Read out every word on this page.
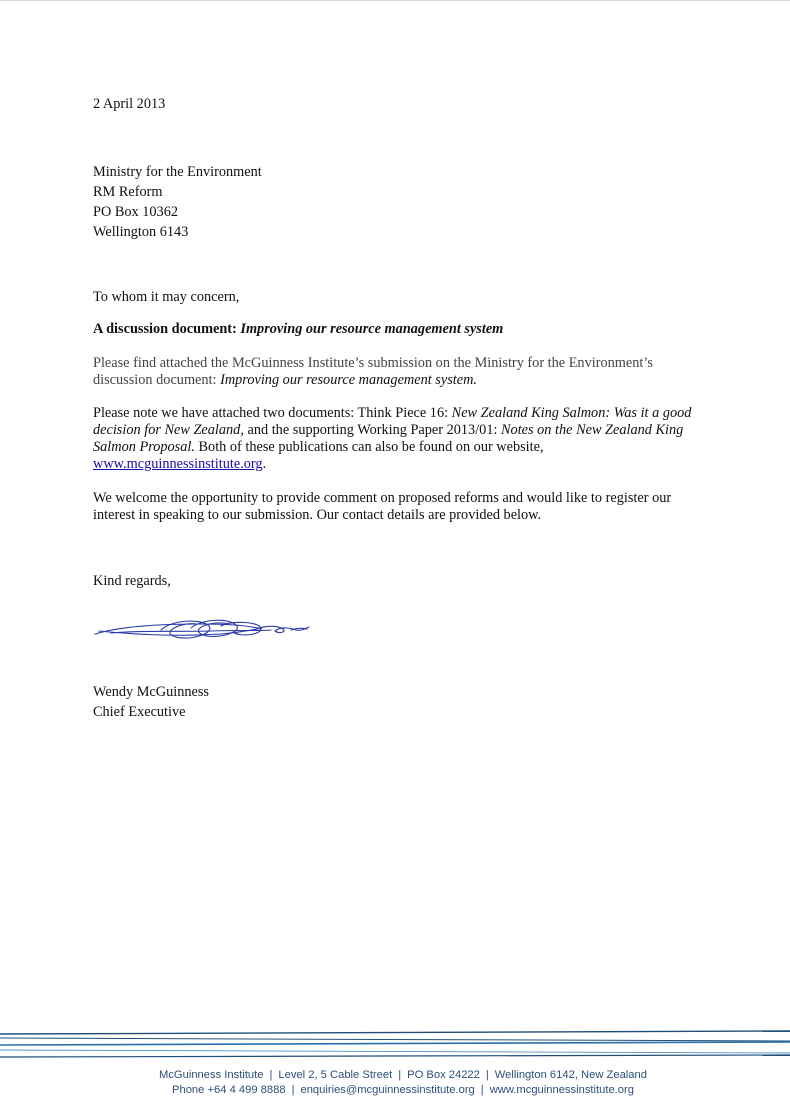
2 April 2013
Ministry for the Environment
RM Reform
PO Box 10362
Wellington 6143
To whom it may concern,
A discussion document: Improving our resource management system

Please find attached the McGuinness Institute’s submission on the Ministry for the Environment’s discussion document: Improving our resource management system.

Please note we have attached two documents: Think Piece 16: New Zealand King Salmon: Was it a good decision for New Zealand, and the supporting Working Paper 2013/01: Notes on the New Zealand King Salmon Proposal. Both of these publications can also be found on our website, www.mcguinnessinstitute.org.

We welcome the opportunity to provide comment on proposed reforms and would like to register our interest in speaking to our submission. Our contact details are provided below.

Kind regards,
Wendy McGuinness
Chief Executive
McGuinness Institute | Level 2, 5 Cable Street | PO Box 24222 | Wellington 6142, New Zealand
Phone +64 4 499 8888 | enquiries@mcguinnessinstitute.org | www.mcguinnessinstitute.org
